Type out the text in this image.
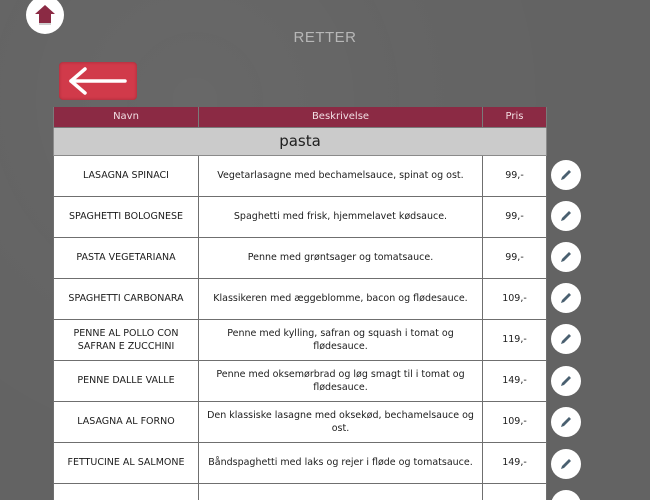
RETTER
Navn	Beskrivelse	Pris
pasta		
LASAGNA SPINACI	Vegetarlasagne med bechamelsauce, spinat og ost.	99,-
SPAGHETTI BOLOGNESE	Spaghetti med frisk, hjemmelavet kødsauce.	99,-
PASTA VEGETARIANA	Penne med grøntsager og tomatsauce.	99,-
SPAGHETTI CARBONARA	Klassikeren med æggeblomme, bacon og flødesauce.	109,-
PENNE AL POLLO CON SAFRAN E ZUCCHINI	Penne med kylling, safran og squash i tomat og flødesauce.	119,-
PENNE DALLE VALLE	Penne med oksemørbrad og løg smagt til i tomat og flødesauce.	149,-
LASAGNA AL FORNO	Den klassiske lasagne med oksekød, bechamelsauce og ost.	109,-
FETTUCINE AL SALMONE	Båndspaghetti med laks og rejer i fløde og tomatsauce.	149,-
